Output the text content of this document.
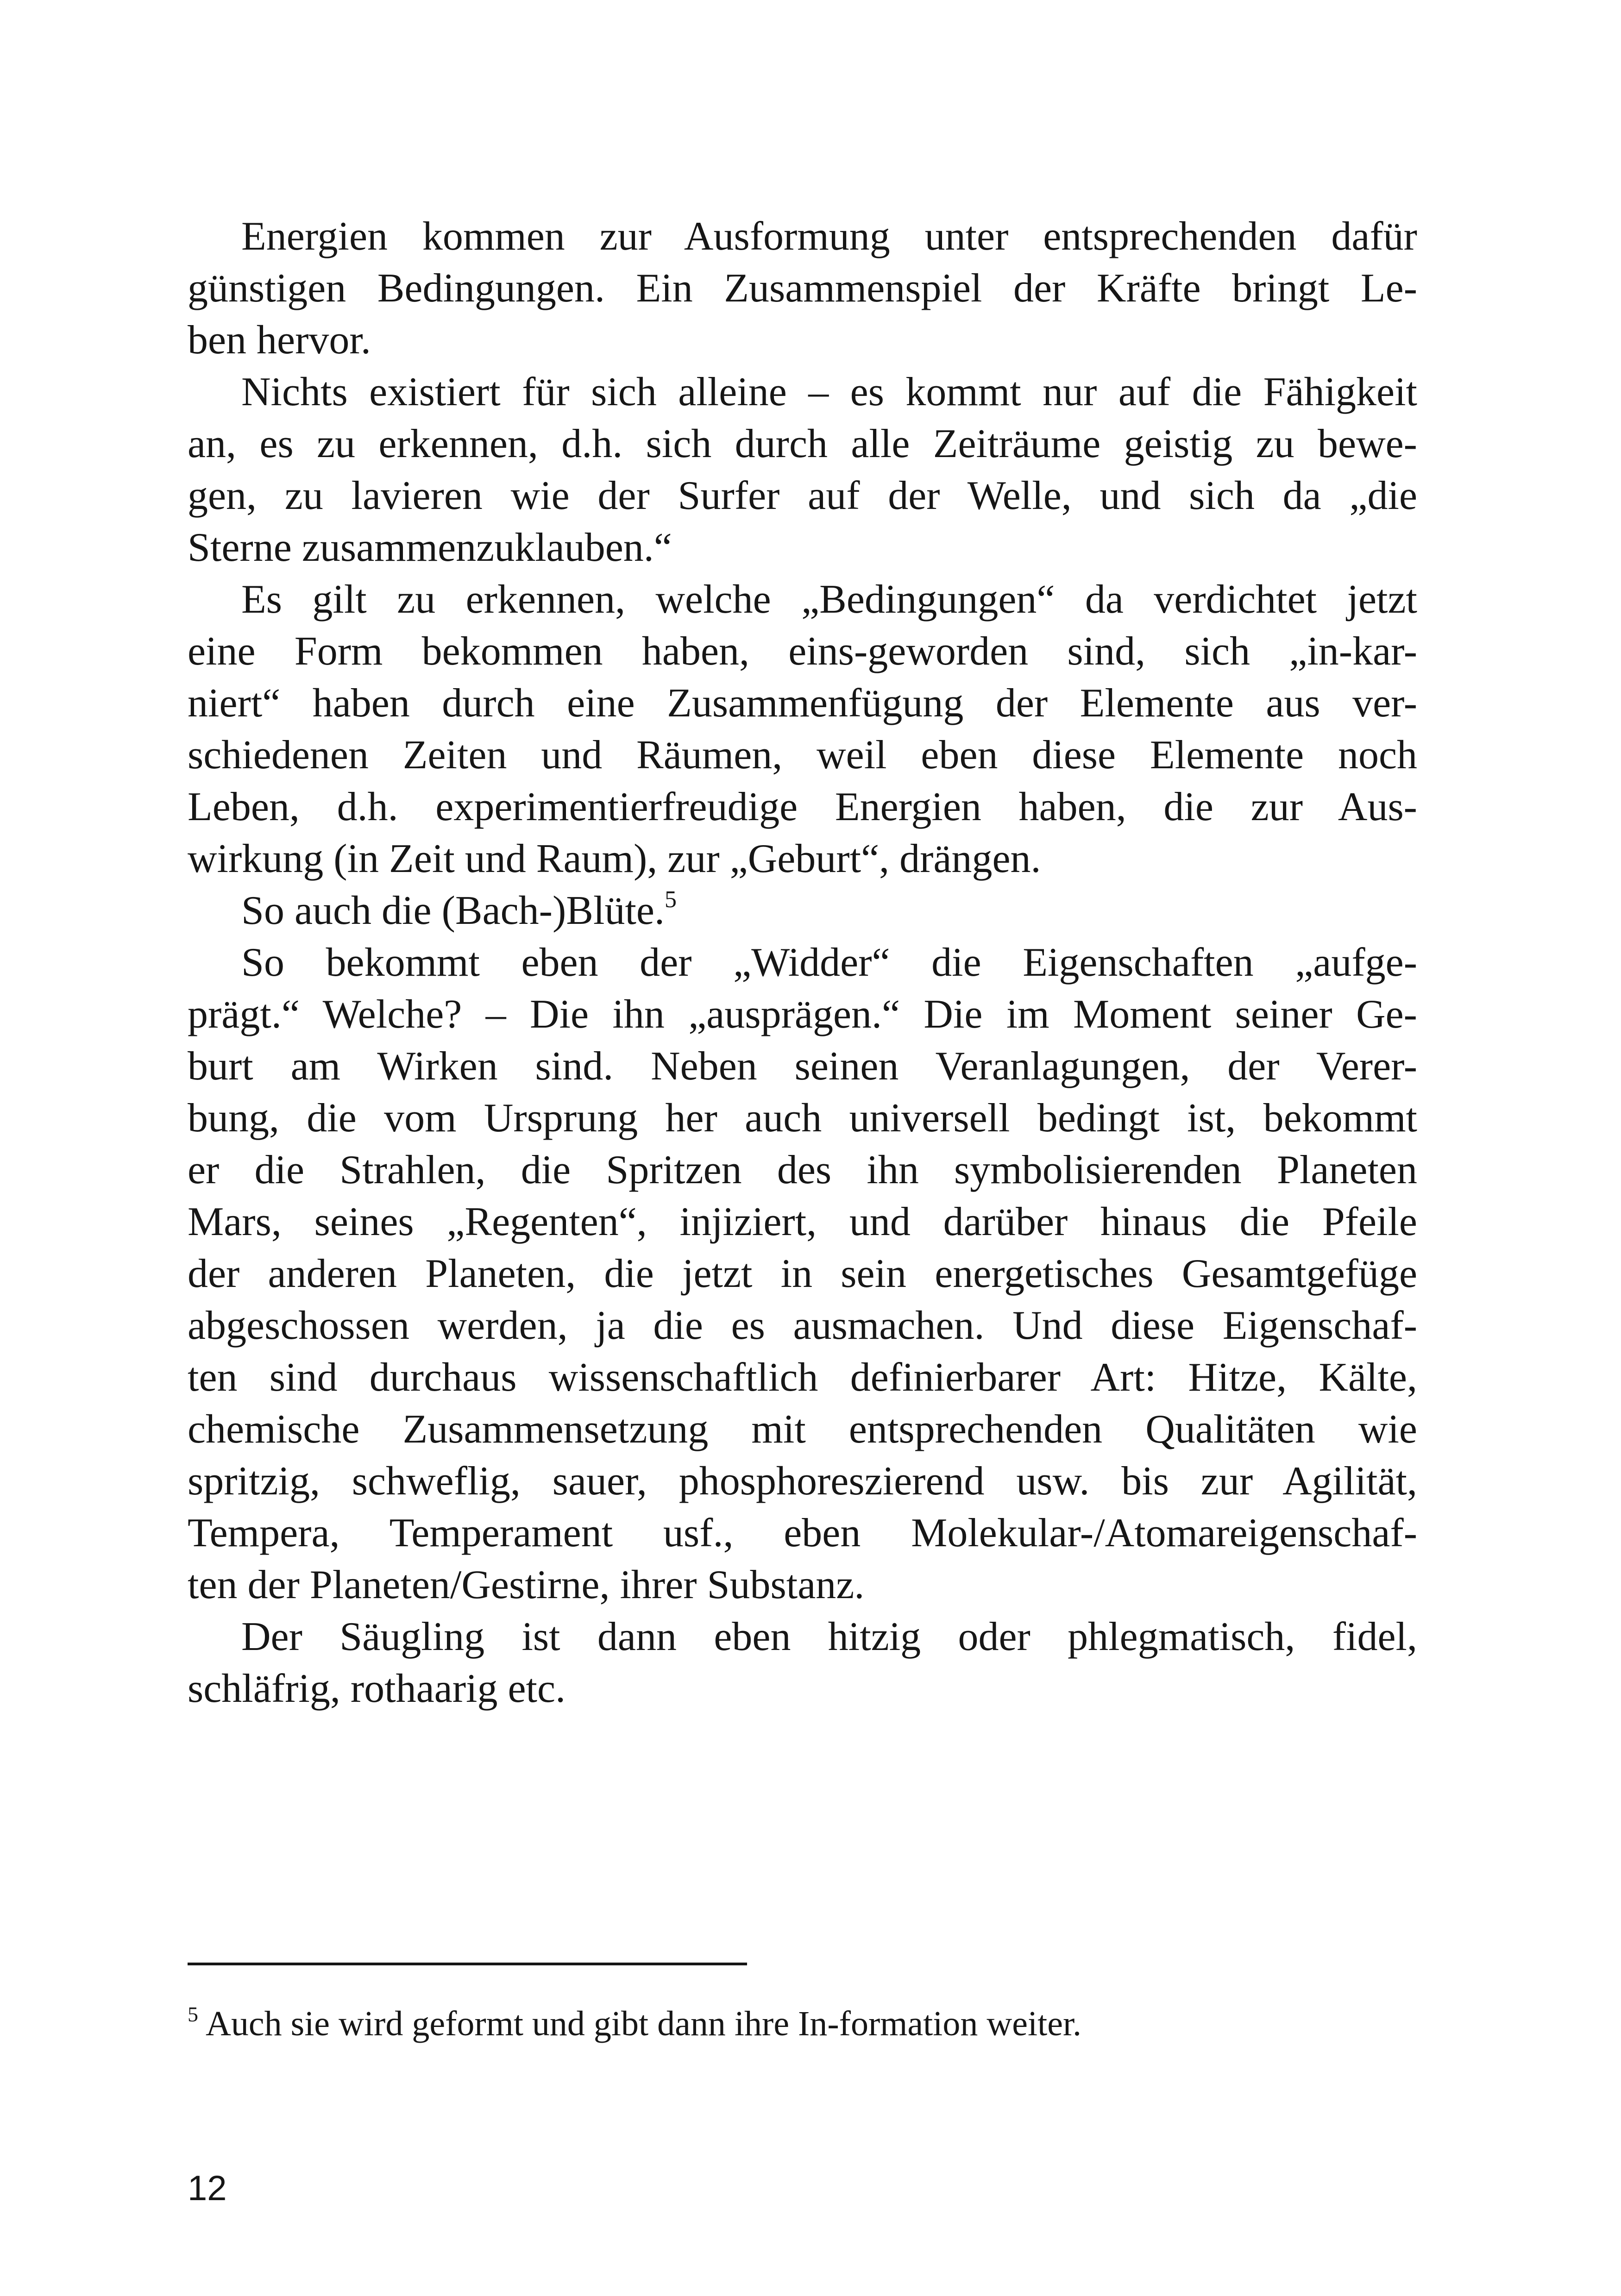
Energien kommen zur Ausformung unter entsprechenden dafür
günstigen Bedingungen. Ein Zusammenspiel der Kräfte bringt Le-
ben hervor.
Nichts existiert für sich alleine – es kommt nur auf die Fähigkeit
an, es zu erkennen, d.h. sich durch alle Zeiträume geistig zu bewe-
gen, zu lavieren wie der Surfer auf der Welle, und sich da „die
Sterne zusammenzuklauben.“
Es gilt zu erkennen, welche „Bedingungen“ da verdichtet jetzt
eine Form bekommen haben, eins-geworden sind, sich „in-kar-
niert“ haben durch eine Zusammenfügung der Elemente aus ver-
schiedenen Zeiten und Räumen, weil eben diese Elemente noch
Leben, d.h. experimentierfreudige Energien haben, die zur Aus-
wirkung (in Zeit und Raum), zur „Geburt“, drängen.
So auch die (Bach-)Blüte.$^5$
So bekommt eben der „Widder“ die Eigenschaften „aufge-
prägt.“ Welche? – Die ihn „ausprägen.“ Die im Moment seiner Ge-
burt am Wirken sind. Neben seinen Veranlagungen, der Verer-
bung, die vom Ursprung her auch universell bedingt ist, bekommt
er die Strahlen, die Spritzen des ihn symbolisierenden Planeten
Mars, seines „Regenten“, injiziert, und darüber hinaus die Pfeile
der anderen Planeten, die jetzt in sein energetisches Gesamtgefüge
abgeschossen werden, ja die es ausmachen. Und diese Eigenschaf-
ten sind durchaus wissenschaftlich definierbarer Art: Hitze, Kälte,
chemische Zusammensetzung mit entsprechenden Qualitäten wie
spritzig, schweflig, sauer, phosphoreszierend usw. bis zur Agilität,
Tempera, Temperament usf., eben Molekular-/Atomareigenschaf-
ten der Planeten/Gestirne, ihrer Substanz.
Der Säugling ist dann eben hitzig oder phlegmatisch, fidel,
schläfrig, rothaarig etc.
$^5$ Auch sie wird geformt und gibt dann ihre In-formation weiter.
12
